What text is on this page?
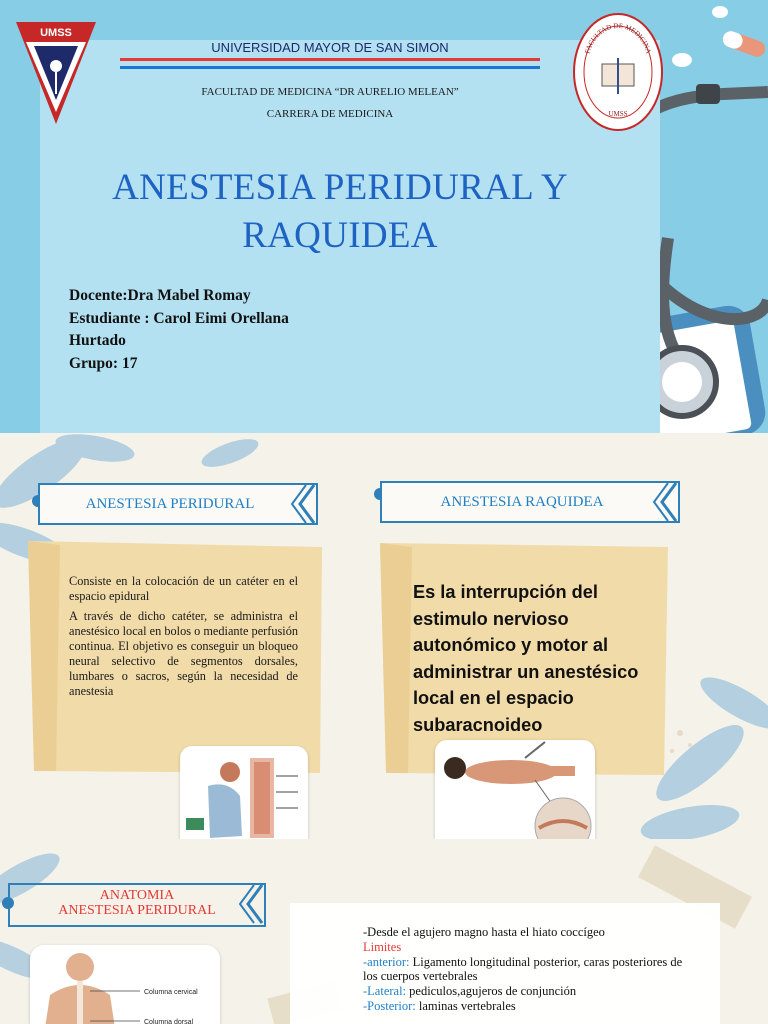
UMSS
UNIVERSIDAD MAYOR DE SAN SIMON
FACULTAD DE MEDICINA “DR AURELIO MELEAN”
CARRERA DE MEDICINA
FACULTAD DE MEDICINA
UMSS
ANESTESIA PERIDURAL Y
RAQUIDEA
Docente:Dra Mabel Romay
Estudiante : Carol Eimi Orellana
Hurtado
Grupo: 17
ANESTESIA PERIDURAL	ANESTESIA RAQUIDEA

Consiste en la colocación de un catéter en el espacio epidural

A través de dicho catéter, se administra el anestésico local en bolos o mediante perfusión continua. El objetivo es conseguir un bloqueo neural selectivo de segmentos dorsales, lumbares o sacros, según la necesidad de anestesia

Es la interrupción del estimulo nervioso autonómico y motor al administrar un anestésico local en el espacio subaracnoideo
ANATOMIA
ANESTESIA PERIDURAL
Columna cervical
Columna dorsal
-Desde el agujero magno hasta el hiato coccígeo
Limites
-anterior: Ligamento longitudinal posterior, caras posteriores de los cuerpos vertebrales
-Lateral: pediculos,agujeros de conjunción
-Posterior: laminas vertebrales
